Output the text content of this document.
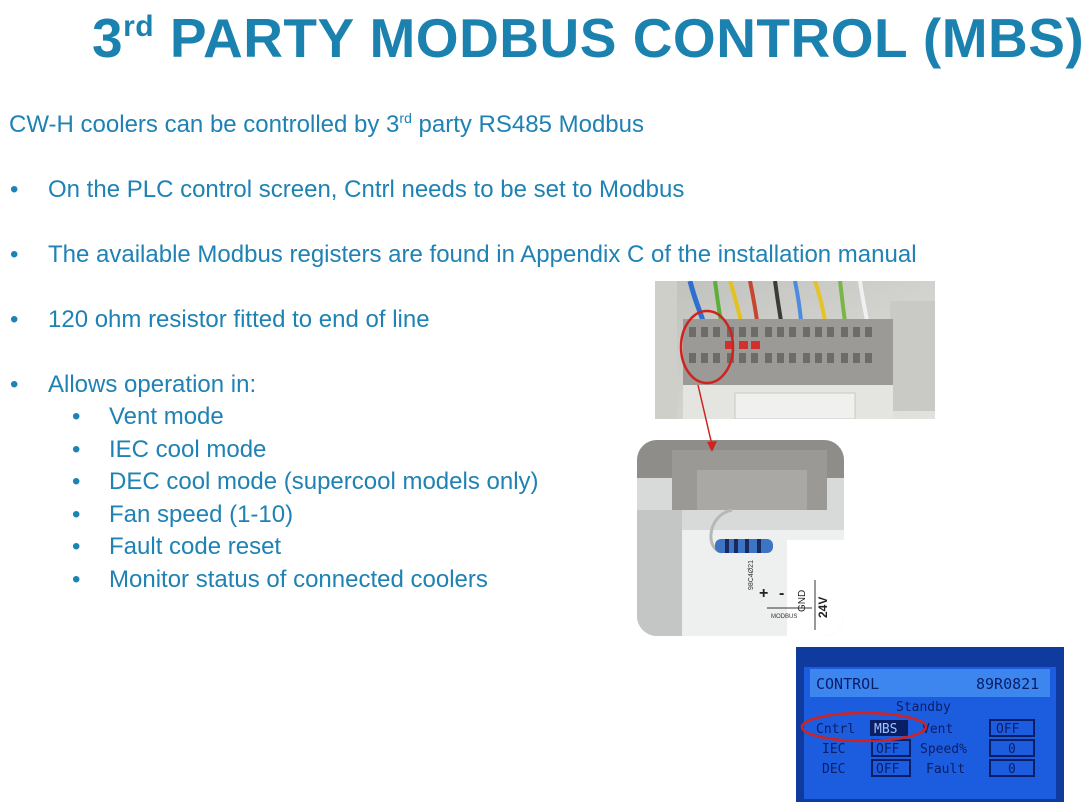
3rd PARTY MODBUS CONTROL (MBS)
CW-H coolers can be controlled by 3rd party RS485 Modbus
• On the PLC control screen, Cntrl needs to be set to Modbus
• The available Modbus registers are found in Appendix C of the installation manual
• 120 ohm resistor fitted to end of line
• Allows operation in:
• Vent mode
• IEC cool mode
• DEC cool mode (supercool models only)
• Fan speed (1-10)
• Fault code reset
• Monitor status of connected coolers	98C4Ø21
+ - GND 24V
MODBUS
CONTROL	89R0821
Standby
Cntrl MBS Vent	OFF
IEC OFF Speed%	0
DEC OFF Fault	0
